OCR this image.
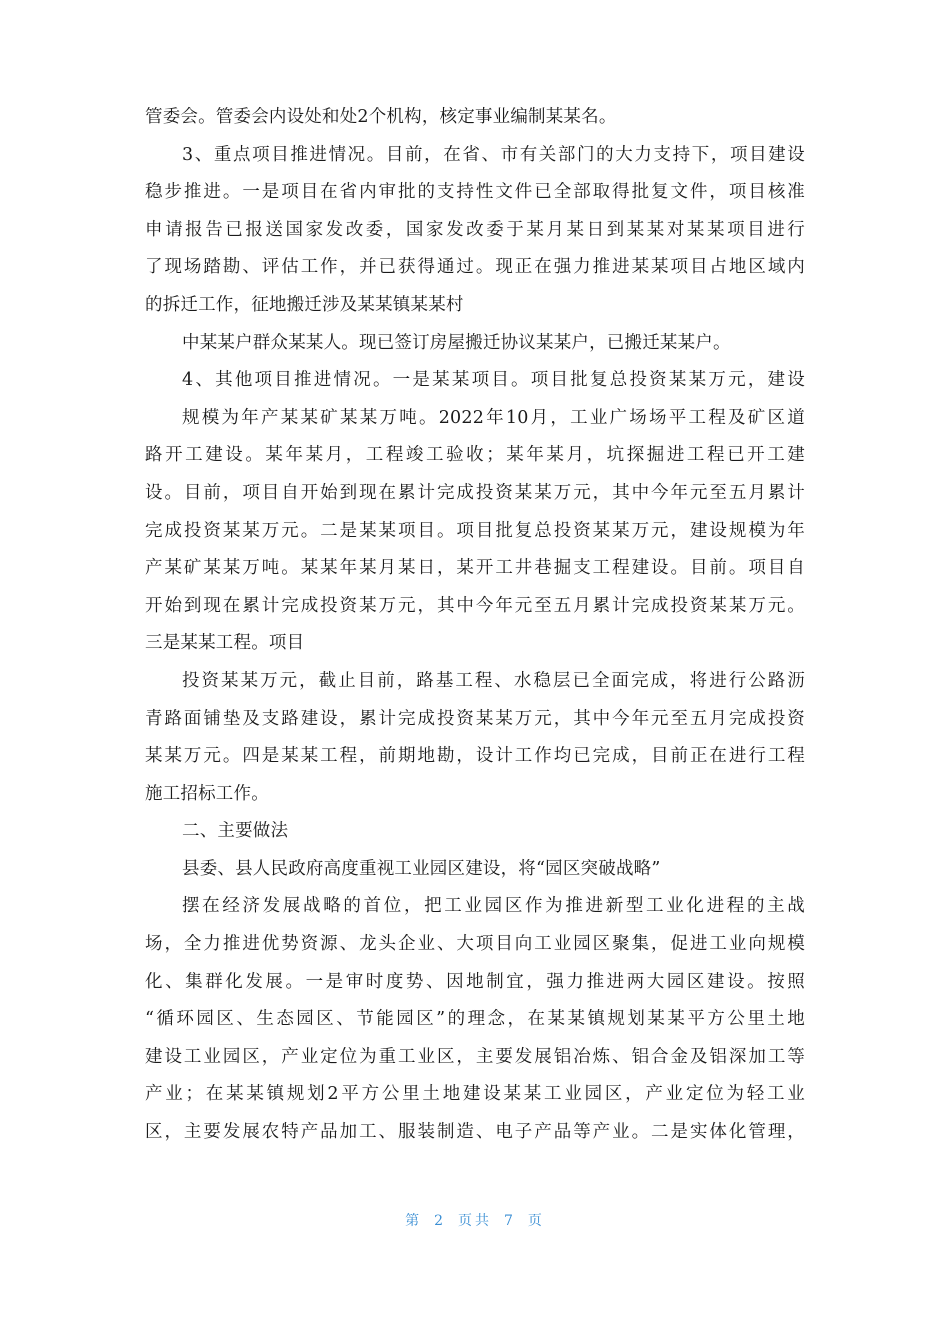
管委会。管委会内设处和处2个机构，核定事业编制某某名。
3、重点项目推进情况。目前，在省、市有关部门的大力支持下，项目建设
稳步推进。一是项目在省内审批的支持性文件已全部取得批复文件，项目核准
申请报告已报送国家发改委，国家发改委于某月某日到某某对某某项目进行
了现场踏勘、评估工作，并已获得通过。现正在强力推进某某项目占地区域内
的拆迁工作，征地搬迁涉及某某镇某某村
中某某户群众某某人。现已签订房屋搬迁协议某某户，已搬迁某某户。
4、其他项目推进情况。一是某某项目。项目批复总投资某某万元，建设
规模为年产某某矿某某万吨。2022年10月，工业广场场平工程及矿区道
路开工建设。某年某月，工程竣工验收；某年某月，坑探掘进工程已开工建
设。目前，项目自开始到现在累计完成投资某某万元，其中今年元至五月累计
完成投资某某万元。二是某某项目。项目批复总投资某某万元，建设规模为年
产某矿某某万吨。某某年某月某日，某开工井巷掘支工程建设。目前。项目自
开始到现在累计完成投资某万元，其中今年元至五月累计完成投资某某万元。
三是某某工程。项目
投资某某万元，截止目前，路基工程、水稳层已全面完成，将进行公路沥
青路面铺垫及支路建设，累计完成投资某某万元，其中今年元至五月完成投资
某某万元。四是某某工程，前期地勘，设计工作均已完成，目前正在进行工程
施工招标工作。
二、主要做法
县委、县人民政府高度重视工业园区建设，将“园区突破战略”
摆在经济发展战略的首位，把工业园区作为推进新型工业化进程的主战
场，全力推进优势资源、龙头企业、大项目向工业园区聚集，促进工业向规模
化、集群化发展。一是审时度势、因地制宜，强力推进两大园区建设。按照
“循环园区、生态园区、节能园区”的理念，在某某镇规划某某平方公里土地
建设工业园区，产业定位为重工业区，主要发展铝冶炼、铝合金及铝深加工等
产业；在某某镇规划2平方公里土地建设某某工业园区，产业定位为轻工业
区，主要发展农特产品加工、服装制造、电子产品等产业。二是实体化管理，
第 2 页共 7 页
